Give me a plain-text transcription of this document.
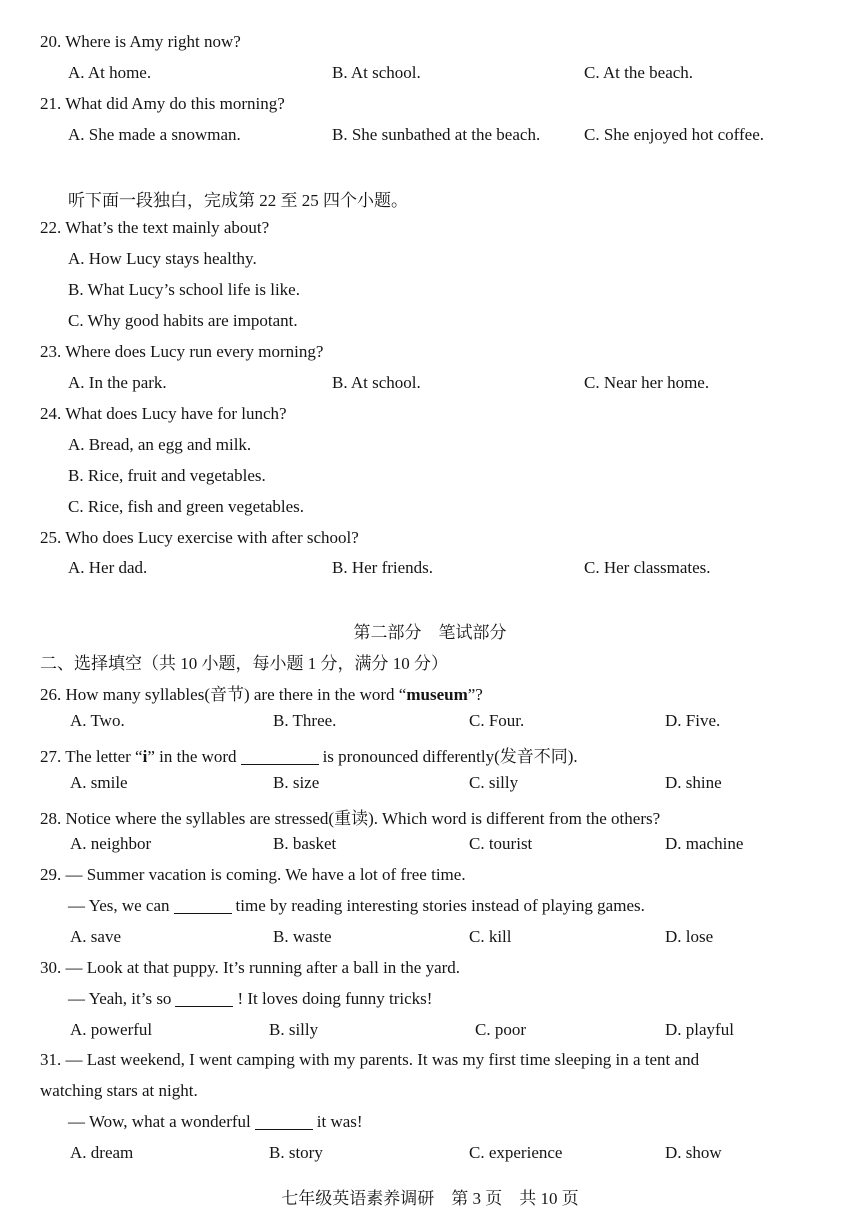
20. Where is Amy right now?
A. At home.	B. At school.	C. At the beach.
21. What did Amy do this morning?
A. She made a snowman.	B. She sunbathed at the beach.	C. She enjoyed hot coffee.
听下面一段独白，完成第 22 至 25 四个小题。
22. What’s the text mainly about?
A. How Lucy stays healthy.
B. What Lucy’s school life is like.
C. Why good habits are impotant.
23. Where does Lucy run every morning?
A. In the park.	B. At school.	C. Near her home.
24. What does Lucy have for lunch?
A. Bread, an egg and milk.
B. Rice, fruit and vegetables.
C. Rice, fish and green vegetables.
25. Who does Lucy exercise with after school?
A. Her dad.	B. Her friends.	C. Her classmates.
第二部分　笔试部分
二、选择填空（共 10 小题，每小题 1 分，满分 10 分）
26. How many syllables(音节) are there in the word “museum”?
A. Two.	B. Three.	C. Four.	D. Five.
27. The letter “i” in the word	is pronounced differently(发音不同).
A. smile	B. size	C. silly	D. shine
28. Notice where the syllables are stressed(重读). Which word is different from the others?
A. neighbor	B. basket	C. tourist	D. machine
29. — Summer vacation is coming. We have a lot of free time.
— Yes, we can	time by reading interesting stories instead of playing games.
A. save	B. waste	C. kill	D. lose
30. — Look at that puppy. It’s running after a ball in the yard.
— Yeah, it’s so	! It loves doing funny tricks!
A. powerful	B. silly	C. poor	D. playful
31. — Last weekend, I went camping with my parents. It was my first time sleeping in a tent and
watching stars at night.
— Wow, what a wonderful	it was!
A. dream	B. story	C. experience	D. show
七年级英语素养调研　第 3 页　共 10 页
